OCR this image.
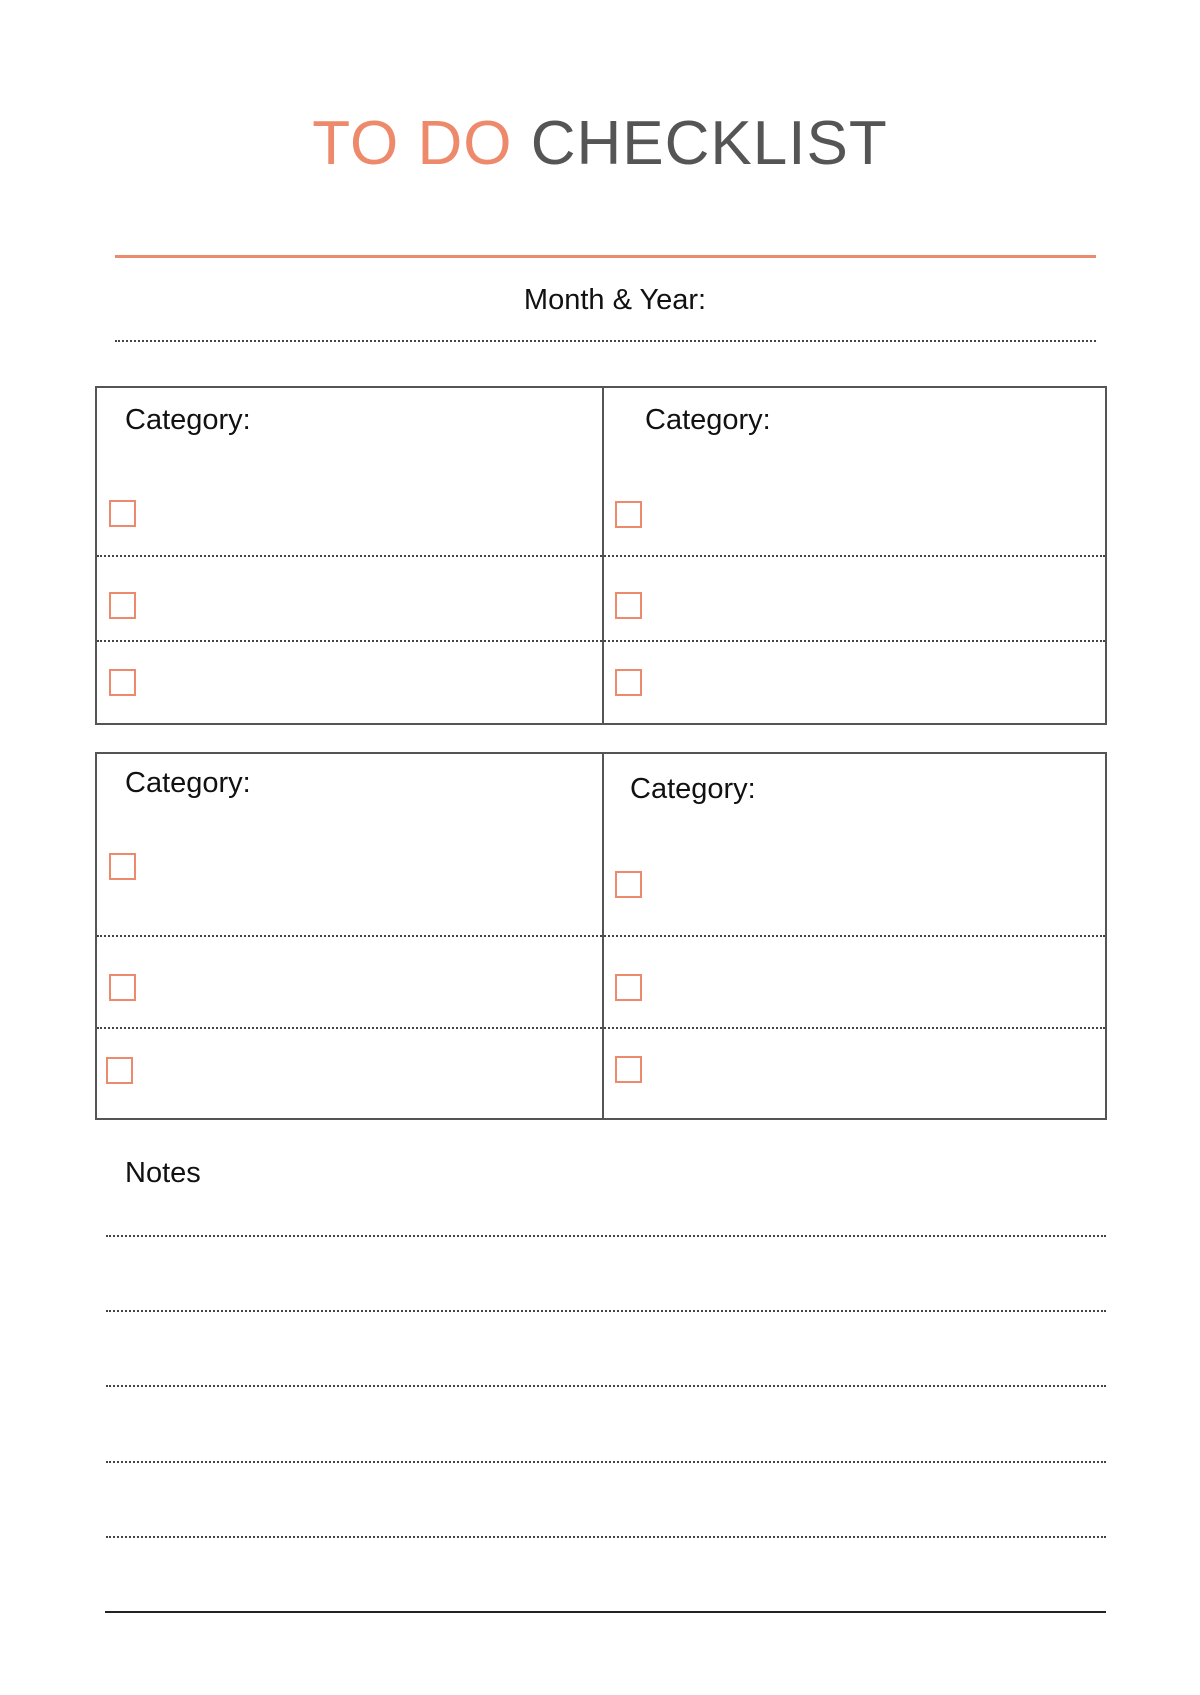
TO DO CHECKLIST
Month & Year:
Category:	Category:
Category:	Category:
Notes
